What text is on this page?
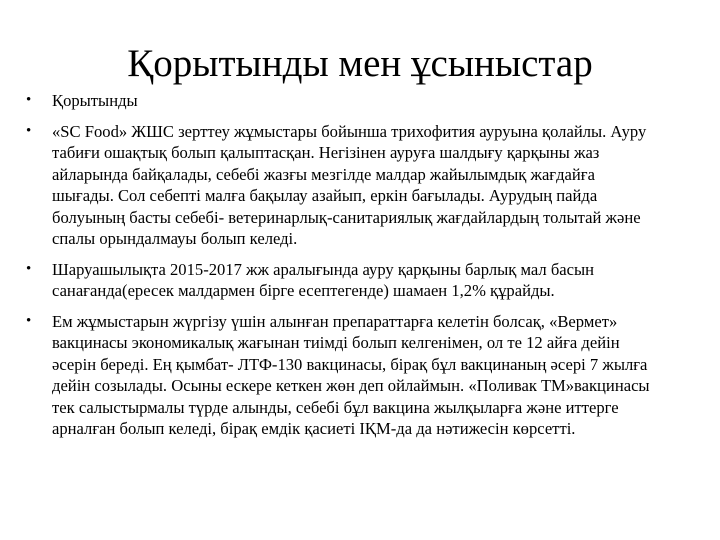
Қорытынды мен ұсыныстар
• Қорытынды
• «SC Food» ЖШС зерттеу жұмыстары бойынша трихофития ауруына қолайлы. Ауру табиғи ошақтық болып қалыптасқан. Негізінен ауруға шалдығу қарқыны жаз айларында байқалады, себебі жазғы мезгілде малдар жайылымдық жағдайға шығады. Сол себепті малға бақылау азайып, еркін бағылады. Аурудың пайда болуының басты себебі- ветеринарлық-санитариялық жағдайлардың толытай және спалы орындалмауы болып келеді.
• Шаруашылықта 2015-2017 жж аралығында ауру қарқыны барлық мал басын санағанда(ересек малдармен бірге есептегенде) шамаен 1,2% құрайды.
• Ем жұмыстарын жүргізу үшін алынған препараттарға келетін болсақ, «Вермет» вакцинасы экономикалық жағынан тиімді болып келгенімен, ол те 12 айға дейін әсерін береді. Ең қымбат- ЛТФ-130 вакцинасы, бірақ бұл вакцинаның әсері 7 жылға дейін созылады. Осыны ескере кеткен жөн деп ойлаймын. «Поливак ТМ»вакцинасы тек салыстырмалы түрде алынды, себебі бұл вакцина жылқыларға және иттерге арналған болып келеді, бірақ емдік қасиеті ІҚМ-да да нәтижесін көрсетті.
